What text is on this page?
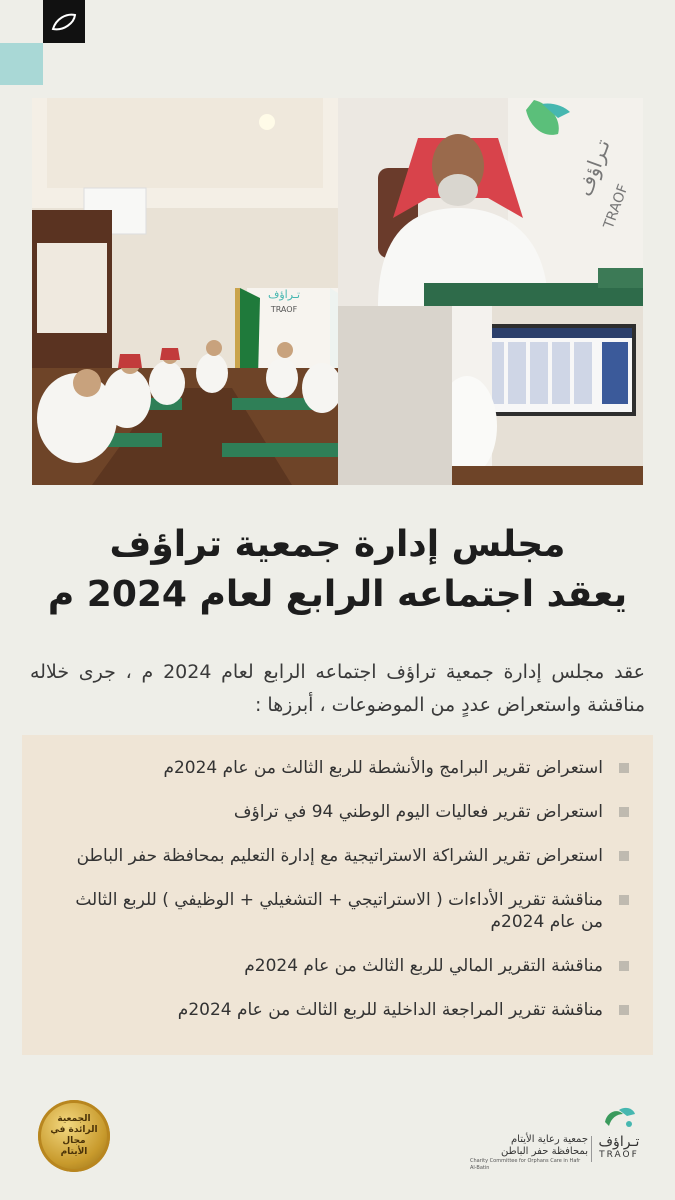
تـراؤف
TRAOF
تـراؤف
TRAOF
مجلس إدارة جمعية تراؤف
يعقد اجتماعه الرابع لعام 2024 م

عقد مجلس إدارة جمعية تراؤف اجتماعه الرابع لعام 2024 م ، جرى خلاله مناقشة واستعراض عددٍ من الموضوعات ، أبرزها :

استعراض تقرير البرامج والأنشطة للربع الثالث من عام 2024م
استعراض تقرير فعاليات اليوم الوطني 94 في تراؤف
استعراض تقرير الشراكة الاستراتيجية مع إدارة التعليم بمحافظة حفر الباطن
مناقشة تقرير الأداءات ( الاستراتيجي + التشغيلي + الوظيفي ) للربع الثالث من عام 2024م
مناقشة التقرير المالي للربع الثالث من عام 2024م
مناقشة تقرير المراجعة الداخلية للربع الثالث من عام 2024م
الجمعية الرائدة في مجال الأيتام
جمعية رعاية الأيتام
بمحافظة حفر الباطن
Charity Committee for Orphans Care in Hafr Al-Batin
تـراؤف
TRAOF
